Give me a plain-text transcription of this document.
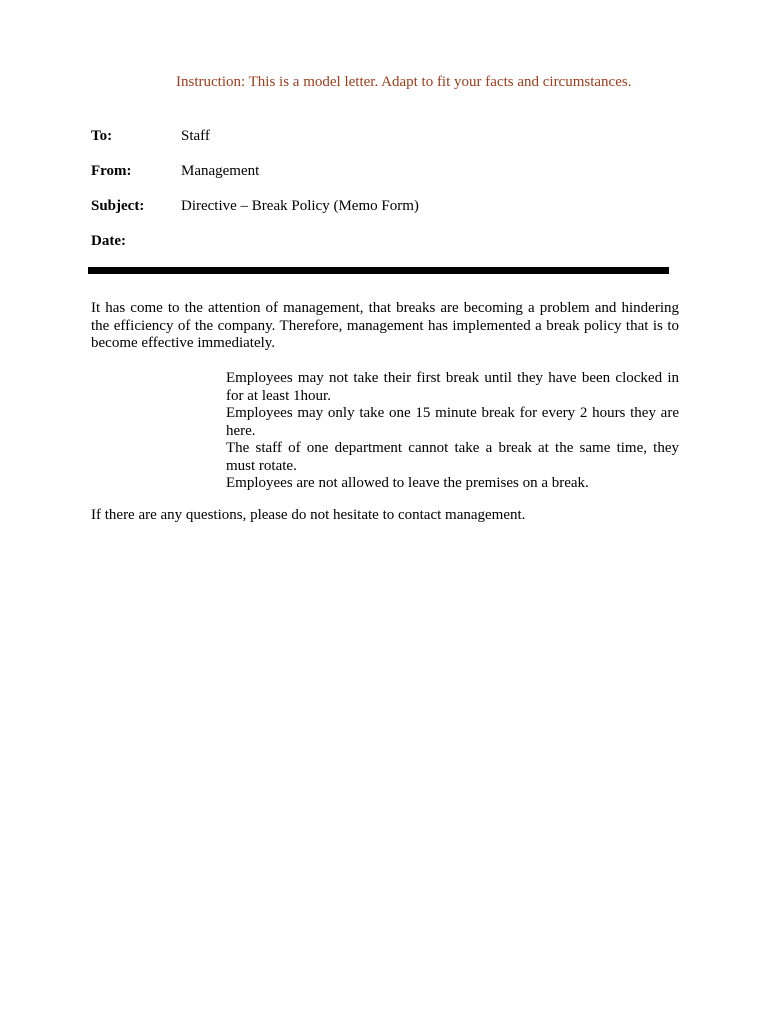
Instruction: This is a model letter. Adapt to fit your facts and circumstances.
To:	Staff
From:	Management
Subject: Directive – Break Policy (Memo Form)
Date:

It has come to the attention of management, that breaks are becoming a problem and hindering the efficiency of the company. Therefore, management has implemented a break policy that is to become effective immediately.

Employees may not take their first break until they have been clocked in for at least 1hour.
Employees may only take one 15 minute break for every 2 hours they are here.
The staff of one department cannot take a break at the same time, they must rotate.
Employees are not allowed to leave the premises on a break.

If there are any questions, please do not hesitate to contact management.
